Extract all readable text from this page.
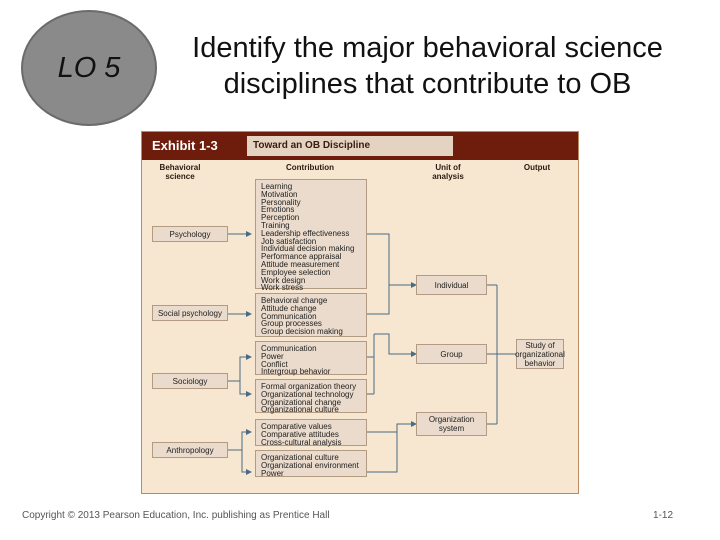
LO 5
Identify the major behavioral science disciplines that contribute to OB
Exhibit 1-3	Toward an OB Discipline
Behavioral science
Contribution	Unit of analysis
Output
Psychology
Social psychology
Sociology
Anthropology
Learning
Motivation
Personality
Emotions
Perception
Training
Leadership effectiveness
Job satisfaction
Individual decision making
Performance appraisal
Attitude measurement
Employee selection
Work design
Work stress
Behavioral change
Attitude change
Communication
Group processes
Group decision making
Communication
Power
Conflict
Intergroup behavior
Formal organization theory
Organizational technology
Organizational change
Organizational culture
Comparative values
Comparative attitudes
Cross-cultural analysis
Organizational culture
Organizational environment
Power
Individual
Group
Organization system
Study of organizational behavior
Copyright © 2013 Pearson Education, Inc. publishing as Prentice Hall	1-12
